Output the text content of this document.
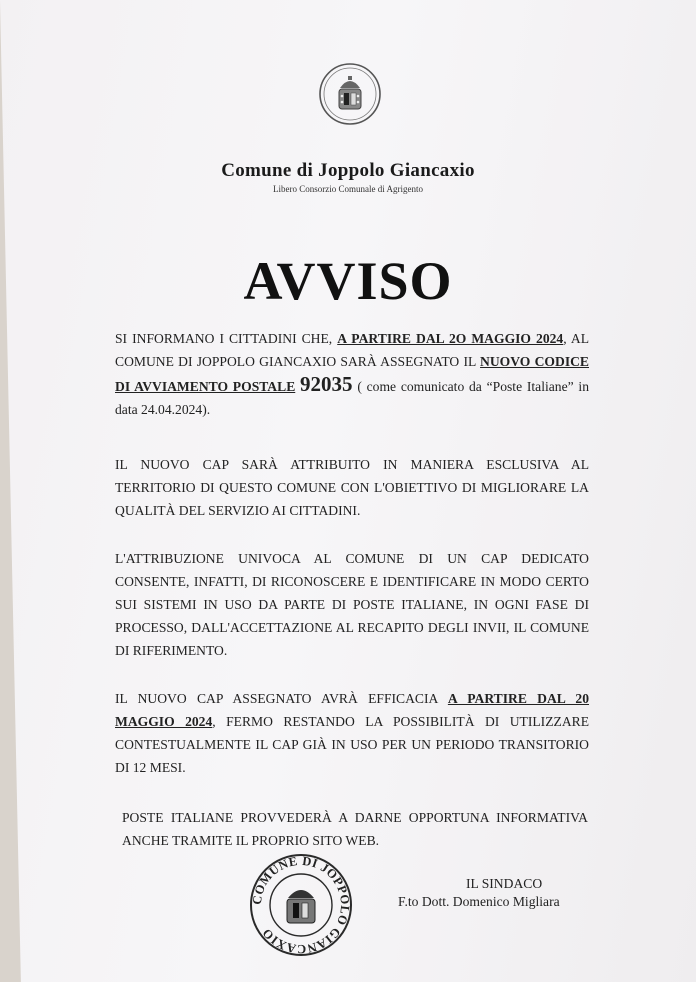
Comune di Joppolo Giancaxio
Libero Consorzio Comunale di Agrigento
AVVISO
SI INFORMANO I CITTADINI CHE, A PARTIRE DAL 2O MAGGIO 2024, AL COMUNE DI JOPPOLO GIANCAXIO SARÀ ASSEGNATO IL NUOVO CODICE DI AVVIAMENTO POSTALE 92035 ( come comunicato da “Poste Italiane” in data 24.04.2024).
IL NUOVO CAP SARÀ ATTRIBUITO IN MANIERA ESCLUSIVA AL TERRITORIO DI QUESTO COMUNE CON L'OBIETTIVO DI MIGLIORARE LA QUALITÀ DEL SERVIZIO AI CITTADINI.
L'ATTRIBUZIONE UNIVOCA AL COMUNE DI UN CAP DEDICATO CONSENTE, INFATTI, DI RICONOSCERE E IDENTIFICARE IN MODO CERTO SUI SISTEMI IN USO DA PARTE DI POSTE ITALIANE, IN OGNI FASE DI PROCESSO, DALL'ACCETTAZIONE AL RECAPITO DEGLI INVII, IL COMUNE DI RIFERIMENTO.
IL NUOVO CAP ASSEGNATO AVRÀ EFFICACIA A PARTIRE DAL 20 MAGGIO 2024, FERMO RESTANDO LA POSSIBILITÀ DI UTILIZZARE CONTESTUALMENTE IL CAP GIÀ IN USO PER UN PERIODO TRANSITORIO DI 12 MESI.
POSTE ITALIANE PROVVEDERÀ A DARNE OPPORTUNA INFORMATIVA ANCHE TRAMITE IL PROPRIO SITO WEB.
COMUNE DI JOPPOLO GIANCAXIO
IL SINDACO
F.to Dott. Domenico Migliara
